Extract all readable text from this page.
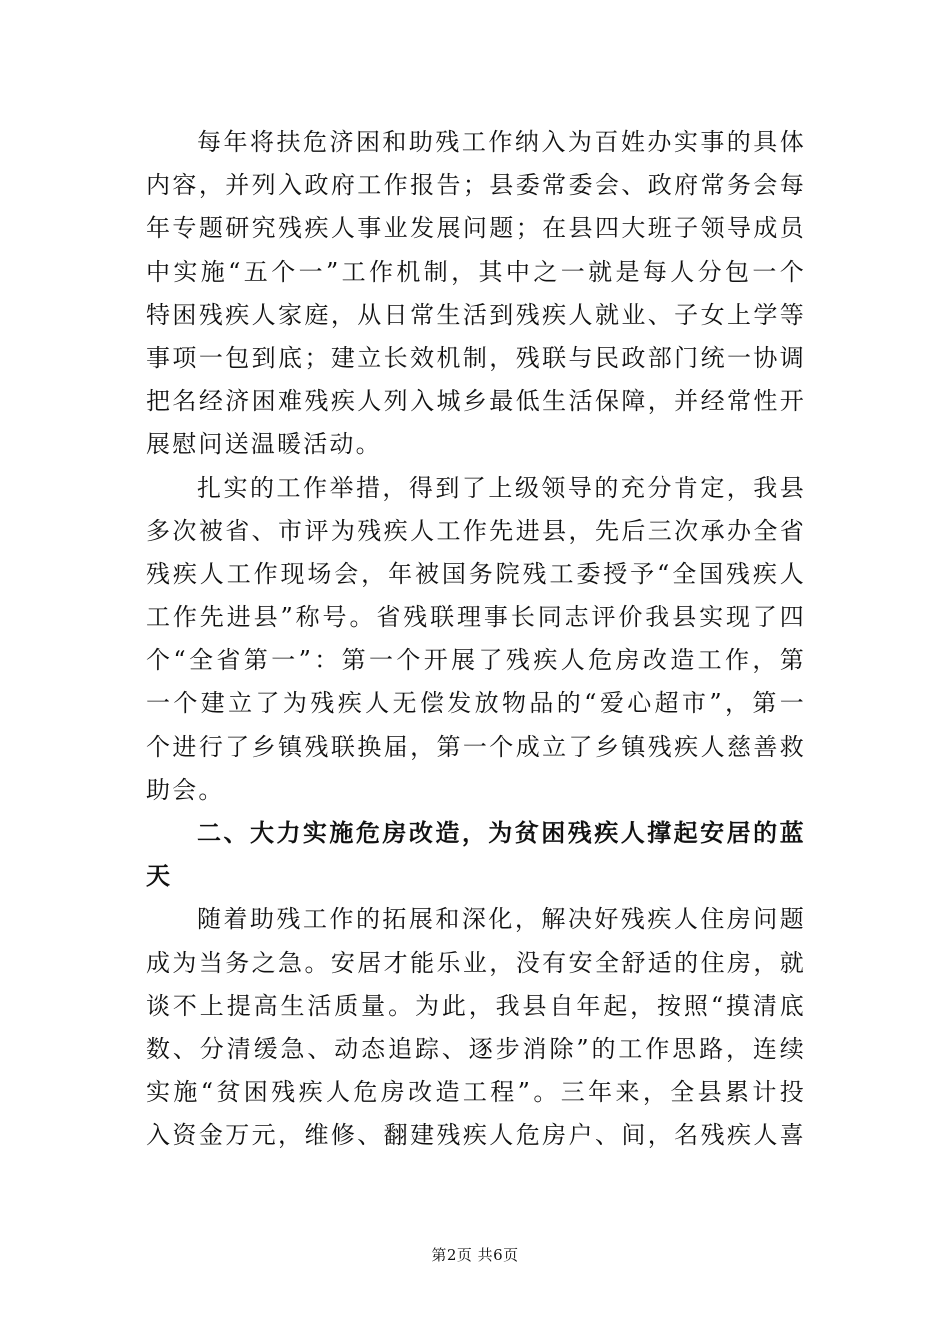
每年将扶危济困和助残工作纳入为百姓办实事的具体
内容，并列入政府工作报告；县委常委会、政府常务会每
年专题研究残疾人事业发展问题；在县四大班子领导成员
中实施“五个一”工作机制，其中之一就是每人分包一个
特困残疾人家庭，从日常生活到残疾人就业、子女上学等
事项一包到底；建立长效机制，残联与民政部门统一协调
把名经济困难残疾人列入城乡最低生活保障，并经常性开
展慰问送温暖活动。
扎实的工作举措，得到了上级领导的充分肯定，我县
多次被省、市评为残疾人工作先进县，先后三次承办全省
残疾人工作现场会，年被国务院残工委授予“全国残疾人
工作先进县”称号。省残联理事长同志评价我县实现了四
个“全省第一”：第一个开展了残疾人危房改造工作，第
一个建立了为残疾人无偿发放物品的“爱心超市”，第一
个进行了乡镇残联换届，第一个成立了乡镇残疾人慈善救
助会。
二、大力实施危房改造，为贫困残疾人撑起安居的蓝
天
随着助残工作的拓展和深化，解决好残疾人住房问题
成为当务之急。安居才能乐业，没有安全舒适的住房，就
谈不上提高生活质量。为此，我县自年起，按照“摸清底
数、分清缓急、动态追踪、逐步消除”的工作思路，连续
实施“贫困残疾人危房改造工程”。三年来，全县累计投
入资金万元，维修、翻建残疾人危房户、间，名残疾人喜
第2页 共6页
